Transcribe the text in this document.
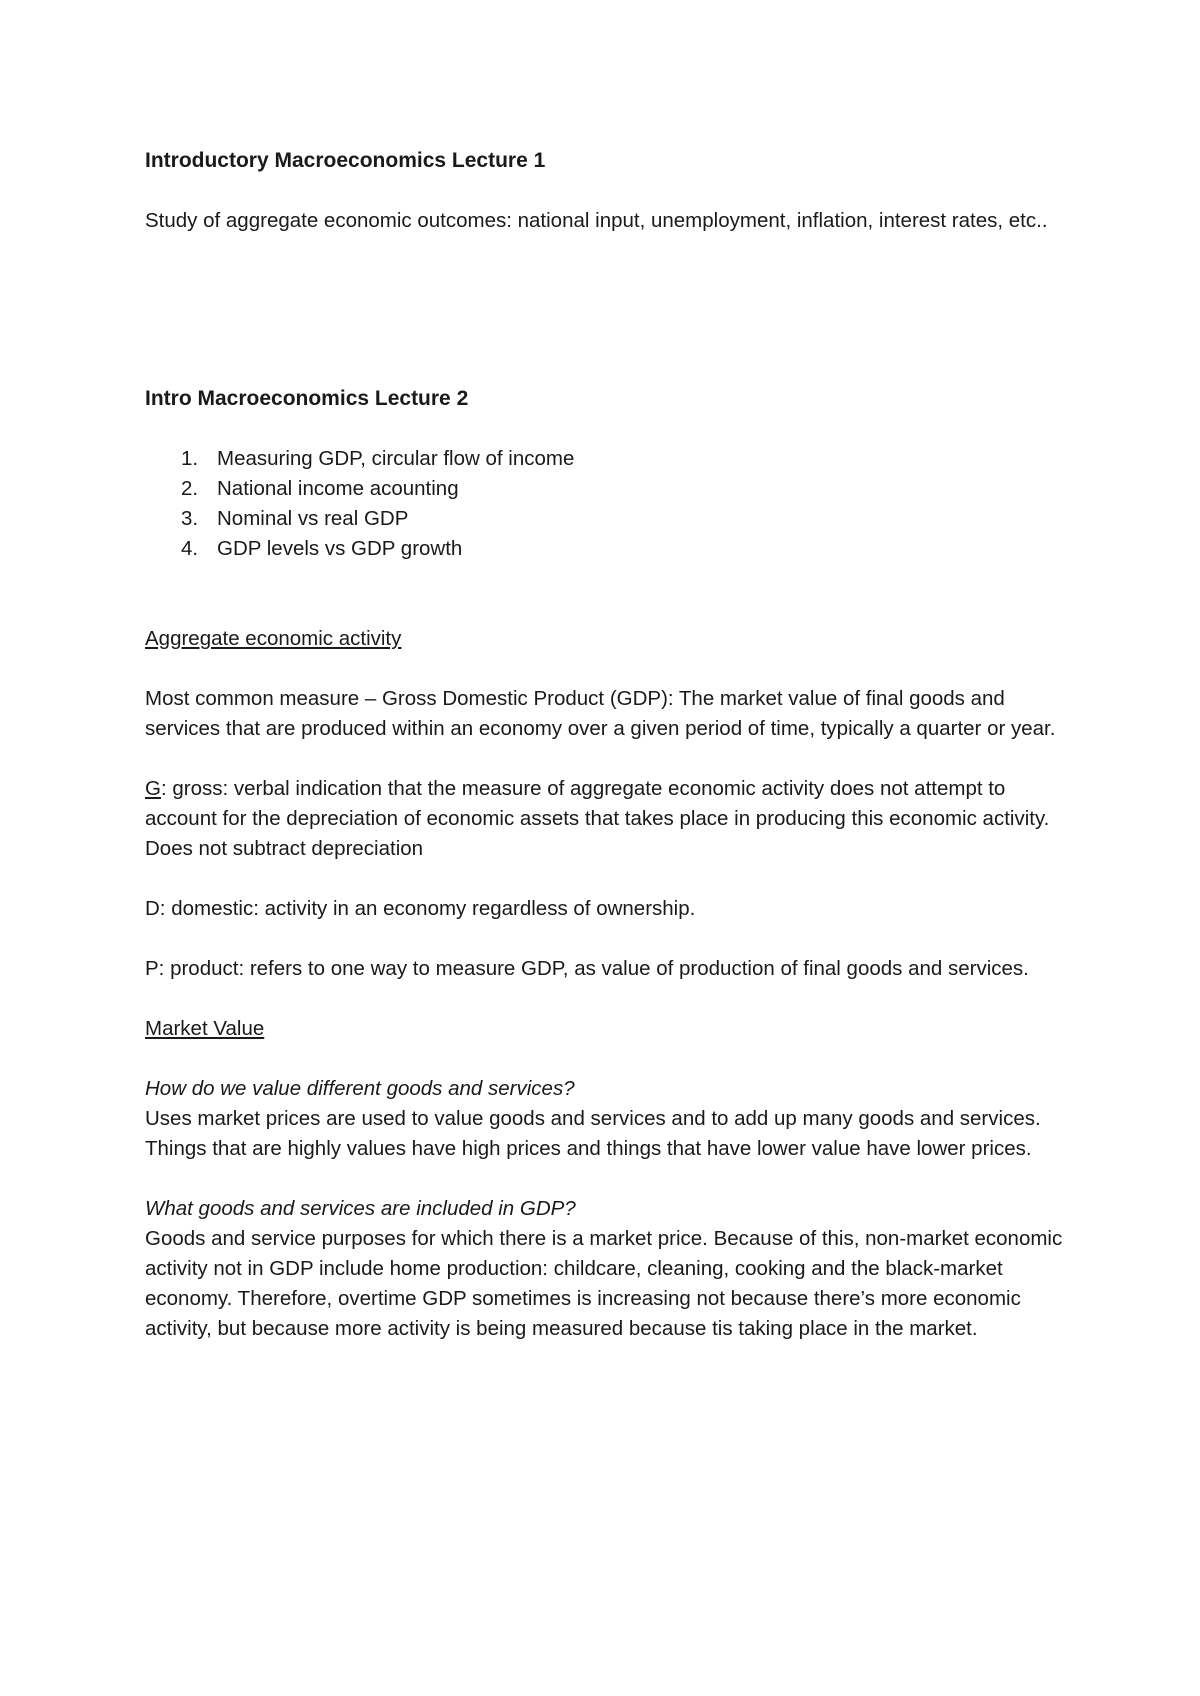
Introductory Macroeconomics Lecture 1

Study of aggregate economic outcomes: national input, unemployment, inflation, interest rates, etc..

Intro Macroeconomics Lecture 2

1. Measuring GDP, circular flow of income
2. National income acounting
3. Nominal vs real GDP
4. GDP levels vs GDP growth

Aggregate economic activity

Most common measure – Gross Domestic Product (GDP): The market value of final goods and services that are produced within an economy over a given period of time, typically a quarter or year.

G: gross: verbal indication that the measure of aggregate economic activity does not attempt to account for the depreciation of economic assets that takes place in producing this economic activity. Does not subtract depreciation

D: domestic: activity in an economy regardless of ownership.

P: product: refers to one way to measure GDP, as value of production of final goods and services.

Market Value

How do we value different goods and services?

Uses market prices are used to value goods and services and to add up many goods and services. Things that are highly values have high prices and things that have lower value have lower prices.

What goods and services are included in GDP?

Goods and service purposes for which there is a market price. Because of this, non-market economic activity not in GDP include home production: childcare, cleaning, cooking and the black-market economy. Therefore, overtime GDP sometimes is increasing not because there’s more economic activity, but because more activity is being measured because tis taking place in the market.
